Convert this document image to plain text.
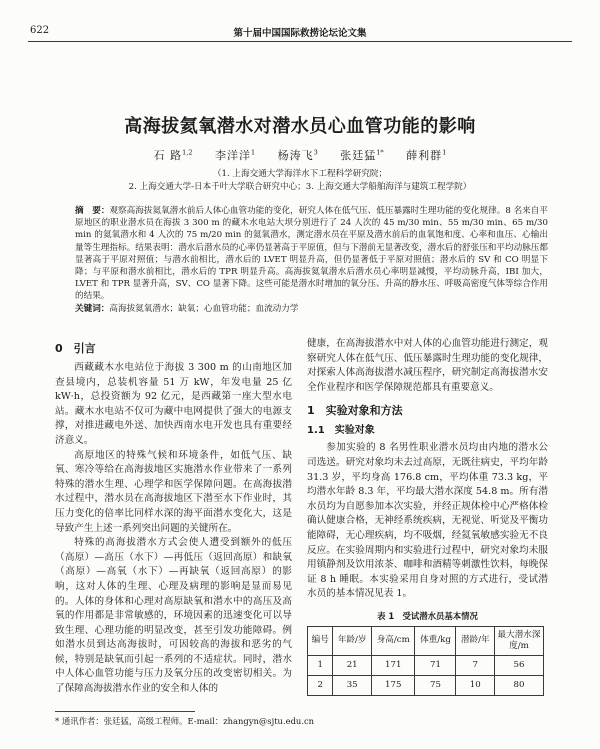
622	第十届中国国际救捞论坛论文集
高海拔氦氧潜水对潜水员心血管功能的影响
石 路$^{1,2}$ 李洋洋$^1$ 杨涛飞$^3$ 张廷猛$^{1*}$ 薛利群$^1$
（1. 上海交通大学海洋水下工程科学研究院；
2. 上海交通大学-日本千叶大学联合研究中心；3. 上海交通大学船舶海洋与建筑工程学院）
摘　要：观察高海拔氦氧潜水前后人体心血管功能的变化，研究人体在低气压、低压暴露时生理功能的变化规律。8 名来自平原地区的职业潜水员在海拔 3 300 m 的藏木水电站大坝分别进行了 24 人次的 45 m/30 min、55 m/30 min、65 m/30 min 的氦氧潜水和 4 人次的 75 m/20 min 的氦氧潜水，测定潜水员在平原及潜水前后的血氧饱和度、心率和血压、心输出量等生理指标。结果表明：潜水后潜水员的心率仍显著高于平原值，但与下潜前无显著改变，潜水后的舒张压和平均动脉压都显著高于平原对照值；与潜水前相比，潜水后的 LVET 明显升高，但仍显著低于平原对照值；潜水后的 SV 和 CO 明显下降；与平原和潜水前相比，潜水后的 TPR 明显升高。高海拔氦氧潜水后潜水员心率明显减慢，平均动脉升高，IBI 加大，LVET 和 TPR 显著升高，SV、CO 显著下降。这些可能是潜水时增加的氧分压、升高的静水压、呼吸高密度气体等综合作用的结果。
关键词：高海拔氦氧潜水；缺氧；心血管功能；血流动力学
0　引言

西藏藏木水电站位于海拔 3 300 m 的山南地区加查县境内，总装机容量 51 万 kW，年发电量 25 亿 kW·h，总投资额为 92 亿元，是西藏第一座大型水电站。藏木水电站不仅可为藏中电网提供了强大的电源支撑，对推进藏电外送、加快西南水电开发也具有重要经济意义。

高原地区的特殊气候和环境条件，如低气压、缺氧、寒冷等给在高海拔地区实施潜水作业带来了一系列特殊的潜水生理、心理学和医学保障问题。在高海拔潜水过程中，潜水员在高海拔地区下潜至水下作业时，其压力变化的倍率比同样水深的海平面潜水变化大，这是导致产生上述一系列突出问题的关键所在。

特殊的高海拔潜水方式会使人遭受到额外的低压（高原）—高压（水下）—再低压（返回高原）和缺氧（高原）—高氧（水下）—再缺氧（返回高原）的影响，这对人体的生理、心理及病理的影响是显而易见的。人体的身体和心理对高原缺氧和潜水中的高压及高氧的作用都是非常敏感的，环境因素的迅速变化可以导致生理、心理功能的明显改变，甚至引发功能障碍。例如潜水员到达高海拔时，可因较高的海拔和恶劣的气候，特别是缺氧而引起一系列的不适症状。同时，潜水中人体心血管功能与压力及氧分压的改变密切相关。为了保障高海拔潜水作业的安全和人体的

健康，在高海拔潜水中对人体的心血管功能进行测定，观察研究人体在低气压、低压暴露时生理功能的变化规律，对探索人体高海拔潜水减压程序，研究制定高海拔潜水安全作业程序和医学保障规范都具有重要意义。

1　实验对象和方法
1.1　实验对象

参加实验的 8 名男性职业潜水员均由内地的潜水公司选送。研究对象均未去过高原，无既往病史，平均年龄 31.3 岁，平均身高 176.8 cm，平均体重 73.3 kg，平均潜水年龄 8.3 年，平均最大潜水深度 54.8 m。所有潜水员均为自愿参加本次实验，并经正规体检中心严格体检确认健康合格，无神经系统疾病，无视觉、听觉及平衡功能障碍，无心理疾病，均不吸烟，经氦氧敏感实验无不良反应。在实验周期内和实验进行过程中，研究对象均未服用镇静剂及饮用浓茶、咖啡和酒精等刺激性饮料，每晚保证 8 h 睡眠。本实验采用自身对照的方式进行，受试潜水员的基本情况见表 1。

表 1　受试潜水员基本情况
编号	年龄/岁	身高/cm	体重/kg	潜龄/年	最大潜水深度/m
1	21	171	71	7	56
2	35	175	75	10	80
* 通讯作者：张廷猛，高级工程师。E-mail：zhangyn@sjtu.edu.cn
